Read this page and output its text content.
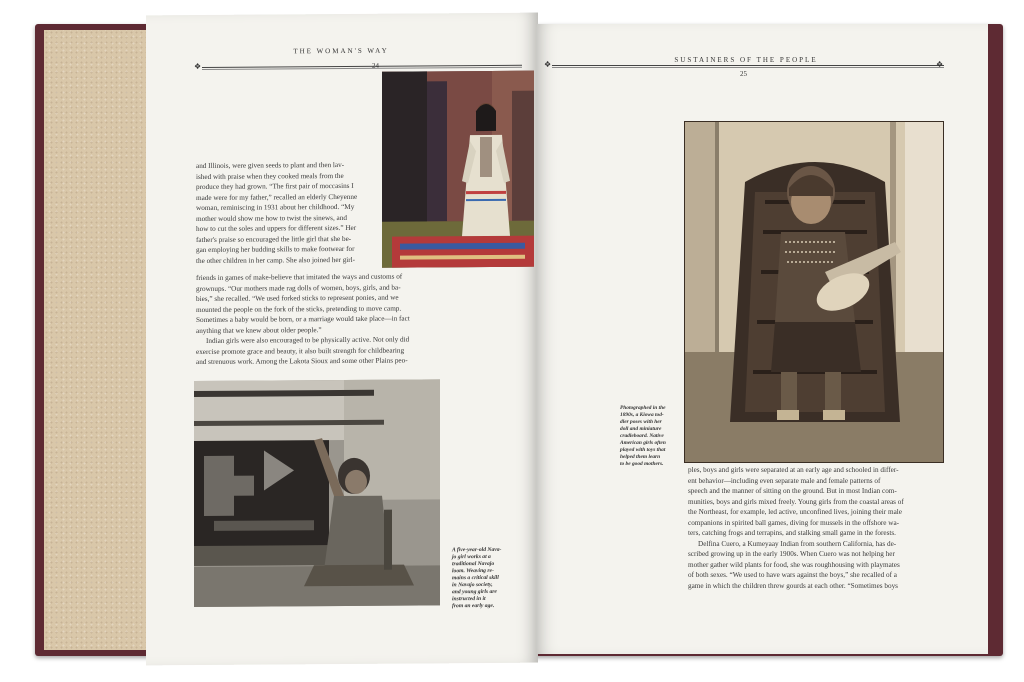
THE WOMAN'S WAY
❖	24

and Illinois, were given seeds to plant and then lav-

ished with praise when they cooked meals from the

produce they had grown. “The first pair of moccasins I

made were for my father,” recalled an elderly Cheyenne

woman, reminiscing in 1931 about her childhood. “My

mother would show me how to twist the sinews, and

how to cut the soles and uppers for different sizes.” Her

father's praise so encouraged the little girl that she be-

gan employing her budding skills to make footwear for

the other children in her camp. She also joined her girl-

friends in games of make-believe that imitated the ways and customs of

grownups. “Our mothers made rag dolls of women, boys, girls, and ba-

bies,” she recalled. “We used forked sticks to represent ponies, and we

mounted the people on the fork of the sticks, pretending to move camp.

Sometimes a baby would be born, or a marriage would take place—in fact

anything that we knew about older people.”

Indian girls were also encouraged to be physically active. Not only did

exercise promote grace and beauty, it also built strength for childbearing

and strenuous work. Among the Lakota Sioux and some other Plains peo-

A five-year-old Nava-
jo girl works at a
traditional Navajo
loom. Weaving re-
mains a critical skill
in Navajo society,
and young girls are
instructed in it
from an early age.
SUSTAINERS OF THE PEOPLE
❖	❖
25
Photographed in the
1890s, a Kiowa tod-
dler poses with her
doll and miniature
cradleboard. Native
American girls often
played with toys that
helped them learn
to be good mothers.

ples, boys and girls were separated at an early age and schooled in differ-

ent behavior—including even separate male and female patterns of

speech and the manner of sitting on the ground. But in most Indian com-

munities, boys and girls mixed freely. Young girls from the coastal areas of

the Northeast, for example, led active, unconfined lives, joining their male

companions in spirited ball games, diving for mussels in the offshore wa-

ters, catching frogs and terrapins, and stalking small game in the forests.

Delfina Cuero, a Kumeyaay Indian from southern California, has de-

scribed growing up in the early 1900s. When Cuero was not helping her

mother gather wild plants for food, she was roughhousing with playmates

of both sexes. “We used to have wars against the boys,” she recalled of a

game in which the children threw gourds at each other. “Sometimes boys
